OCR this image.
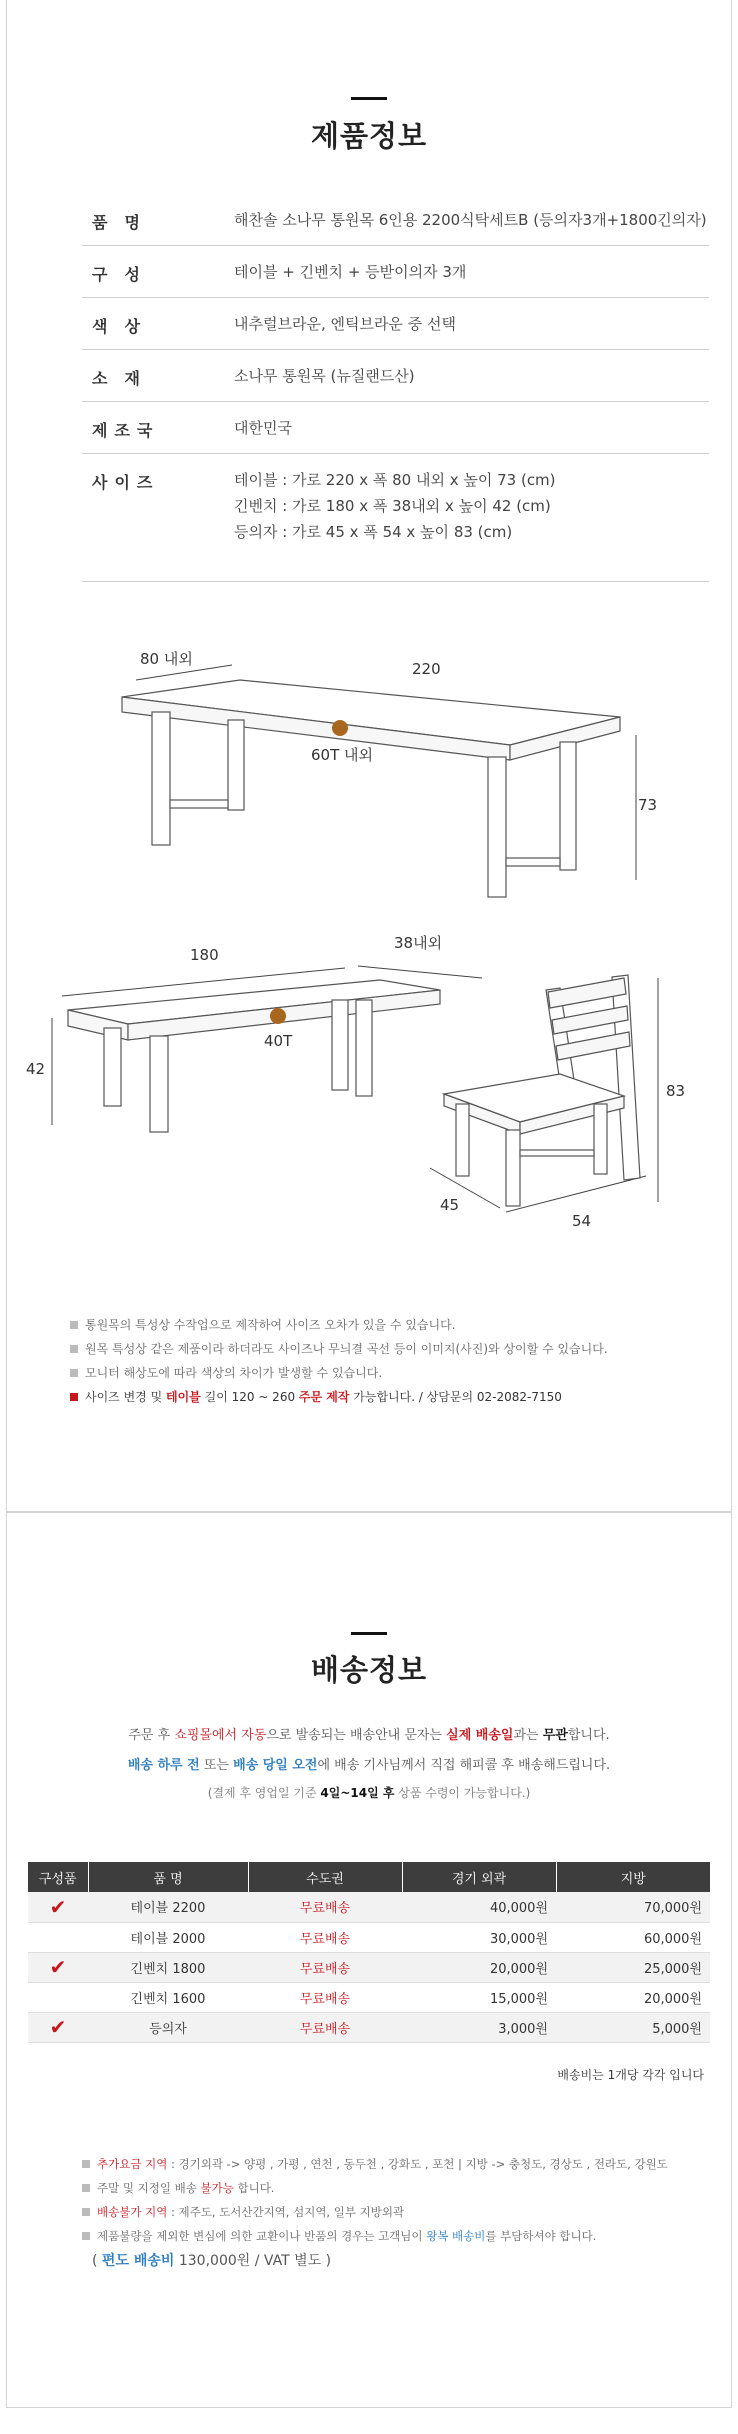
제품정보
품명	해찬솔 소나무 통원목 6인용 2200식탁세트B (등의자3개+1800긴의자)
구성	테이블 + 긴벤치 + 등받이의자 3개
색상	내추럴브라운, 엔틱브라운 중 선택
소재	소나무 통원목 (뉴질랜드산)
제조국	대한민국
사이즈	테이블 : 가로 220 x 폭 80 내외 x 높이 73 (cm)
긴벤치 : 가로 180 x 폭 38내외 x 높이 42 (cm)
등의자 : 가로 45 x 폭 54 x 높이 83 (cm)
80 내외
220
73
60T 내외
180
38내외
42
40T
83
45
54
통원목의 특성상 수작업으로 제작하여 사이즈 오차가 있을 수 있습니다.
원목 특성상 같은 제품이라 하더라도 사이즈나 무늬결 곡선 등이 이미지(사진)와 상이할 수 있습니다.
모니터 해상도에 따라 색상의 차이가 발생할 수 있습니다.
사이즈 변경 및 테이블 길이 120 ~ 260 주문 제작 가능합니다. / 상담문의 02-2082-7150
배송정보
주문 후 쇼핑몰에서 자동으로 발송되는 배송안내 문자는 실제 배송일과는 무관합니다.
배송 하루 전 또는 배송 당일 오전에 배송 기사님께서 직접 해피콜 후 배송해드립니다.
(결제 후 영업일 기준 4일~14일 후 상품 수령이 가능합니다.)
구성품	품 명	수도권	경기 외곽	지방
✔	테이블 2200	무료배송	40,000원	70,000원
	테이블 2000	무료배송	30,000원	60,000원
✔	긴벤치 1800	무료배송	20,000원	25,000원
	긴벤치 1600	무료배송	15,000원	20,000원
✔	등의자	무료배송	3,000원	5,000원
배송비는 1개당 각각 입니다
추가요금 지역 : 경기외곽 -> 양평 , 가평 , 연천 , 동두천 , 강화도 , 포천 | 지방 -> 충청도, 경상도 , 전라도, 강원도
주말 및 지정일 배송 불가능 합니다.
배송불가 지역 : 제주도, 도서산간지역, 섬지역, 일부 지방외곽
제품불량을 제외한 변심에 의한 교환이나 반품의 경우는 고객님이 왕복 배송비를 부담하셔야 합니다.
( 편도 배송비 130,000원 / VAT 별도 )
